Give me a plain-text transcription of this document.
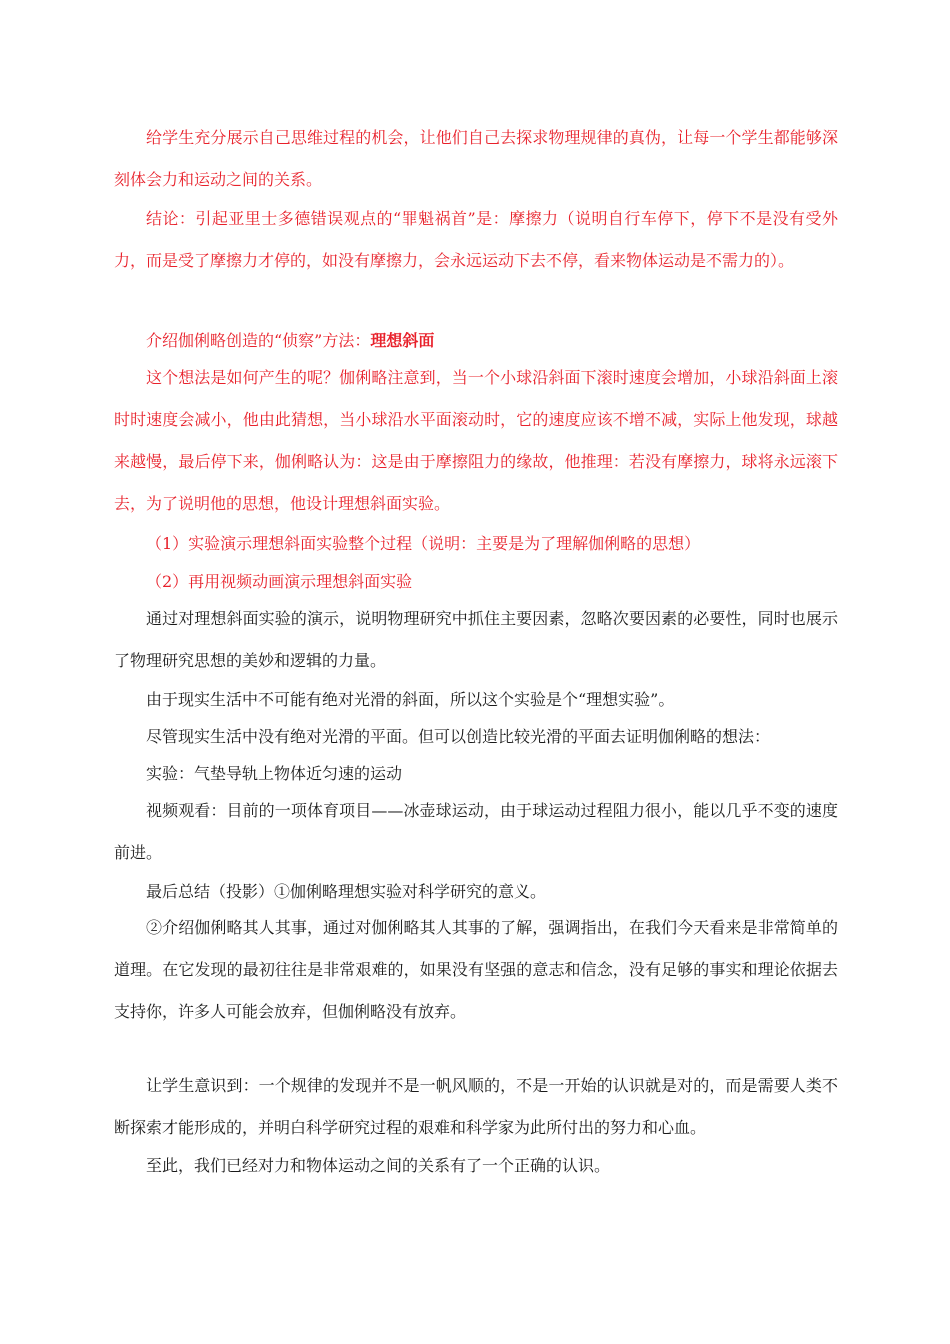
给学生充分展示自己思维过程的机会，让他们自己去探求物理规律的真伪，让每一个学生都能够深刻体会力和运动之间的关系。

结论：引起亚里士多德错误观点的“罪魁祸首”是：摩擦力（说明自行车停下，停下不是没有受外力，而是受了摩擦力才停的，如没有摩擦力，会永远运动下去不停，看来物体运动是不需力的）。

介绍伽俐略创造的“侦察”方法：理想斜面

这个想法是如何产生的呢？伽俐略注意到，当一个小球沿斜面下滚时速度会增加，小球沿斜面上滚时时速度会减小，他由此猜想，当小球沿水平面滚动时，它的速度应该不增不减，实际上他发现，球越来越慢，最后停下来，伽俐略认为：这是由于摩擦阻力的缘故，他推理：若没有摩擦力，球将永远滚下去，为了说明他的思想，他设计理想斜面实验。

（1）实验演示理想斜面实验整个过程（说明：主要是为了理解伽俐略的思想）

（2）再用视频动画演示理想斜面实验

通过对理想斜面实验的演示，说明物理研究中抓住主要因素，忽略次要因素的必要性，同时也展示了物理研究思想的美妙和逻辑的力量。

由于现实生活中不可能有绝对光滑的斜面，所以这个实验是个“理想实验”。

尽管现实生活中没有绝对光滑的平面。但可以创造比较光滑的平面去证明伽俐略的想法：

实验：气垫导轨上物体近匀速的运动

视频观看：目前的一项体育项目——冰壶球运动，由于球运动过程阻力很小，能以几乎不变的速度前进。

最后总结（投影）①伽俐略理想实验对科学研究的意义。

②介绍伽俐略其人其事，通过对伽俐略其人其事的了解，强调指出，在我们今天看来是非常简单的道理。在它发现的最初往往是非常艰难的，如果没有坚强的意志和信念，没有足够的事实和理论依据去支持你，许多人可能会放弃，但伽俐略没有放弃。

让学生意识到：一个规律的发现并不是一帆风顺的，不是一开始的认识就是对的，而是需要人类不断探索才能形成的，并明白科学研究过程的艰难和科学家为此所付出的努力和心血。

至此，我们已经对力和物体运动之间的关系有了一个正确的认识。
